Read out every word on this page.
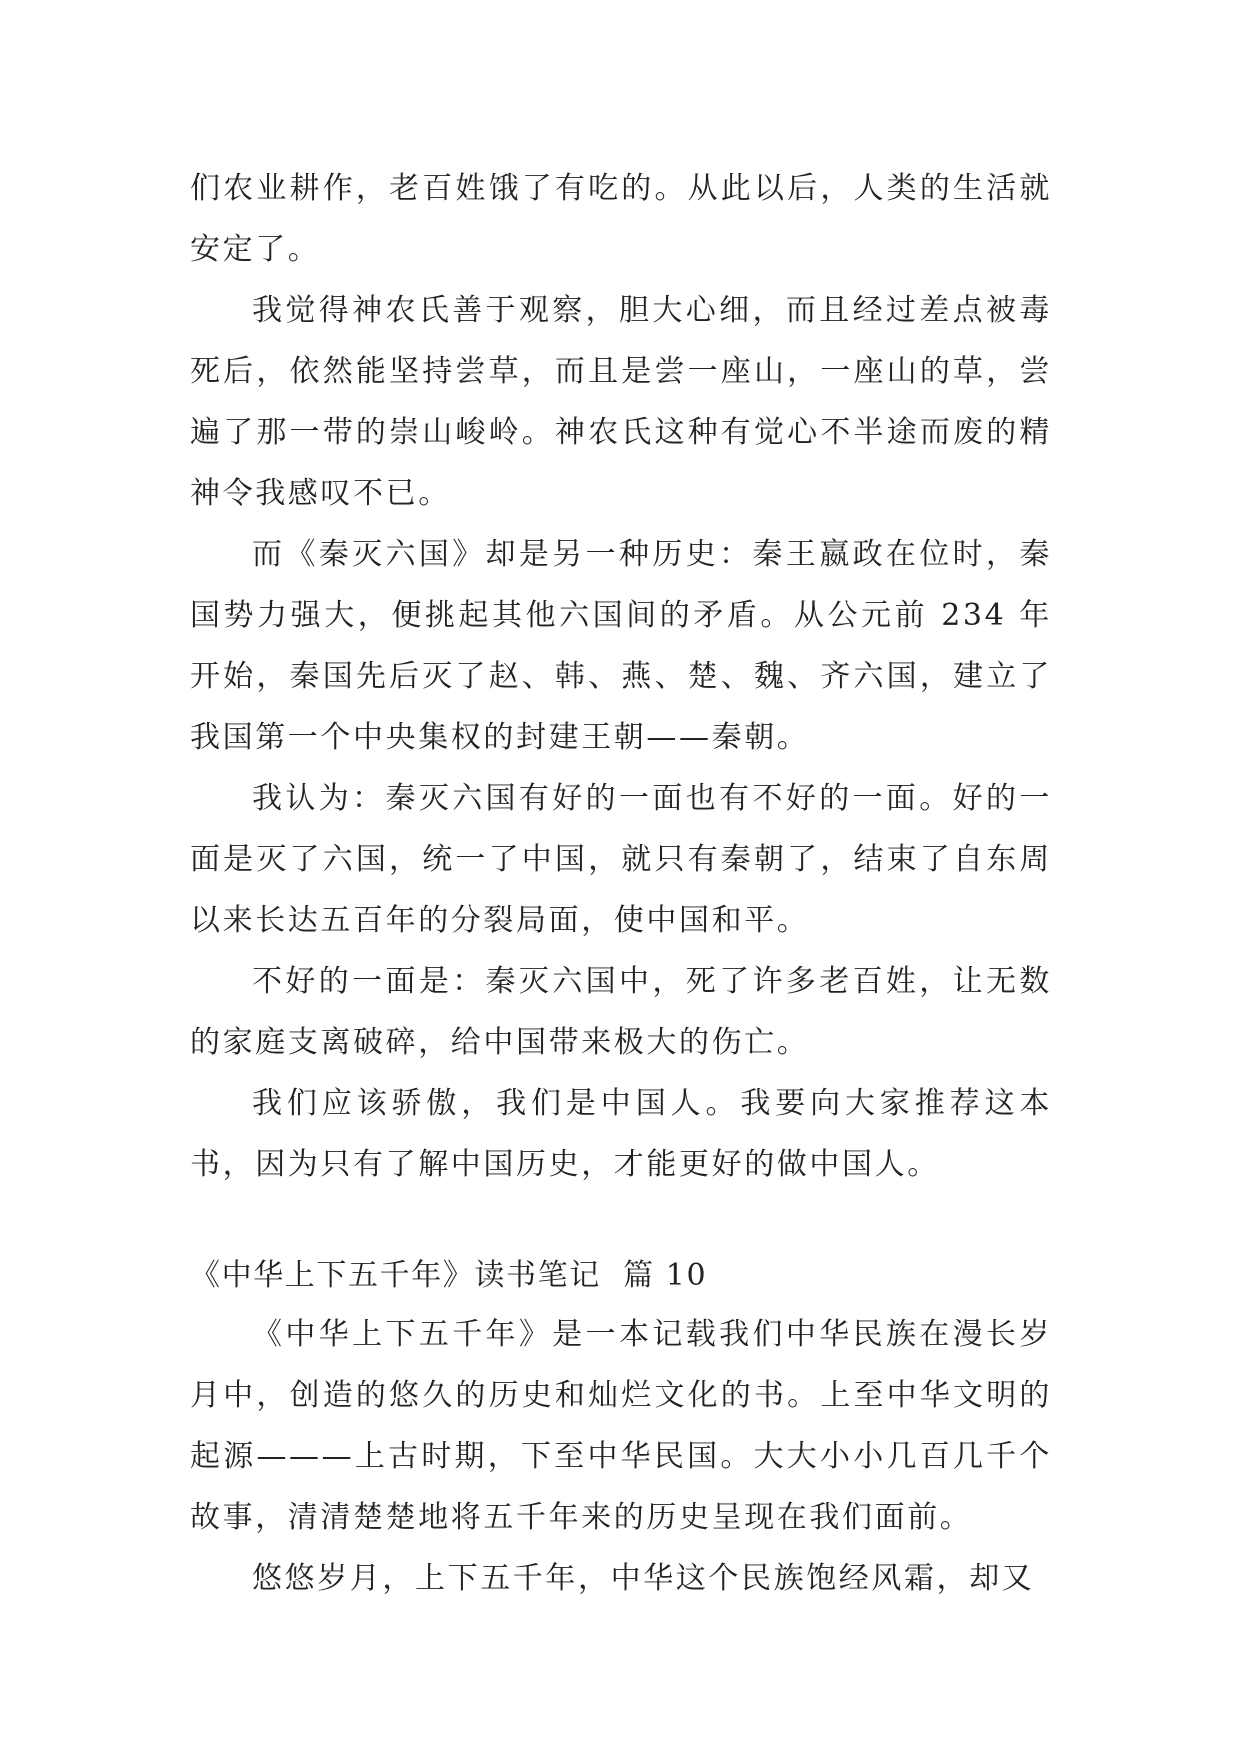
们农业耕作，老百姓饿了有吃的。从此以后，人类的生活就安定了。

我觉得神农氏善于观察，胆大心细，而且经过差点被毒死后，依然能坚持尝草，而且是尝一座山，一座山的草，尝遍了那一带的崇山峻岭。神农氏这种有觉心不半途而废的精神令我感叹不已。

而《秦灭六国》却是另一种历史：秦王嬴政在位时，秦国势力强大，便挑起其他六国间的矛盾。从公元前 234 年开始，秦国先后灭了赵、韩、燕、楚、魏、齐六国，建立了我国第一个中央集权的封建王朝——秦朝。

我认为：秦灭六国有好的一面也有不好的一面。好的一面是灭了六国，统一了中国，就只有秦朝了，结束了自东周以来长达五百年的分裂局面，使中国和平。

不好的一面是：秦灭六国中，死了许多老百姓，让无数的家庭支离破碎，给中国带来极大的伤亡。

我们应该骄傲，我们是中国人。我要向大家推荐这本书，因为只有了解中国历史，才能更好的做中国人。

《中华上下五千年》读书笔记  篇 10

《中华上下五千年》是一本记载我们中华民族在漫长岁月中，创造的悠久的历史和灿烂文化的书。上至中华文明的起源———上古时期，下至中华民国。大大小小几百几千个故事，清清楚楚地将五千年来的历史呈现在我们面前。

悠悠岁月，上下五千年，中华这个民族饱经风霜，却又
